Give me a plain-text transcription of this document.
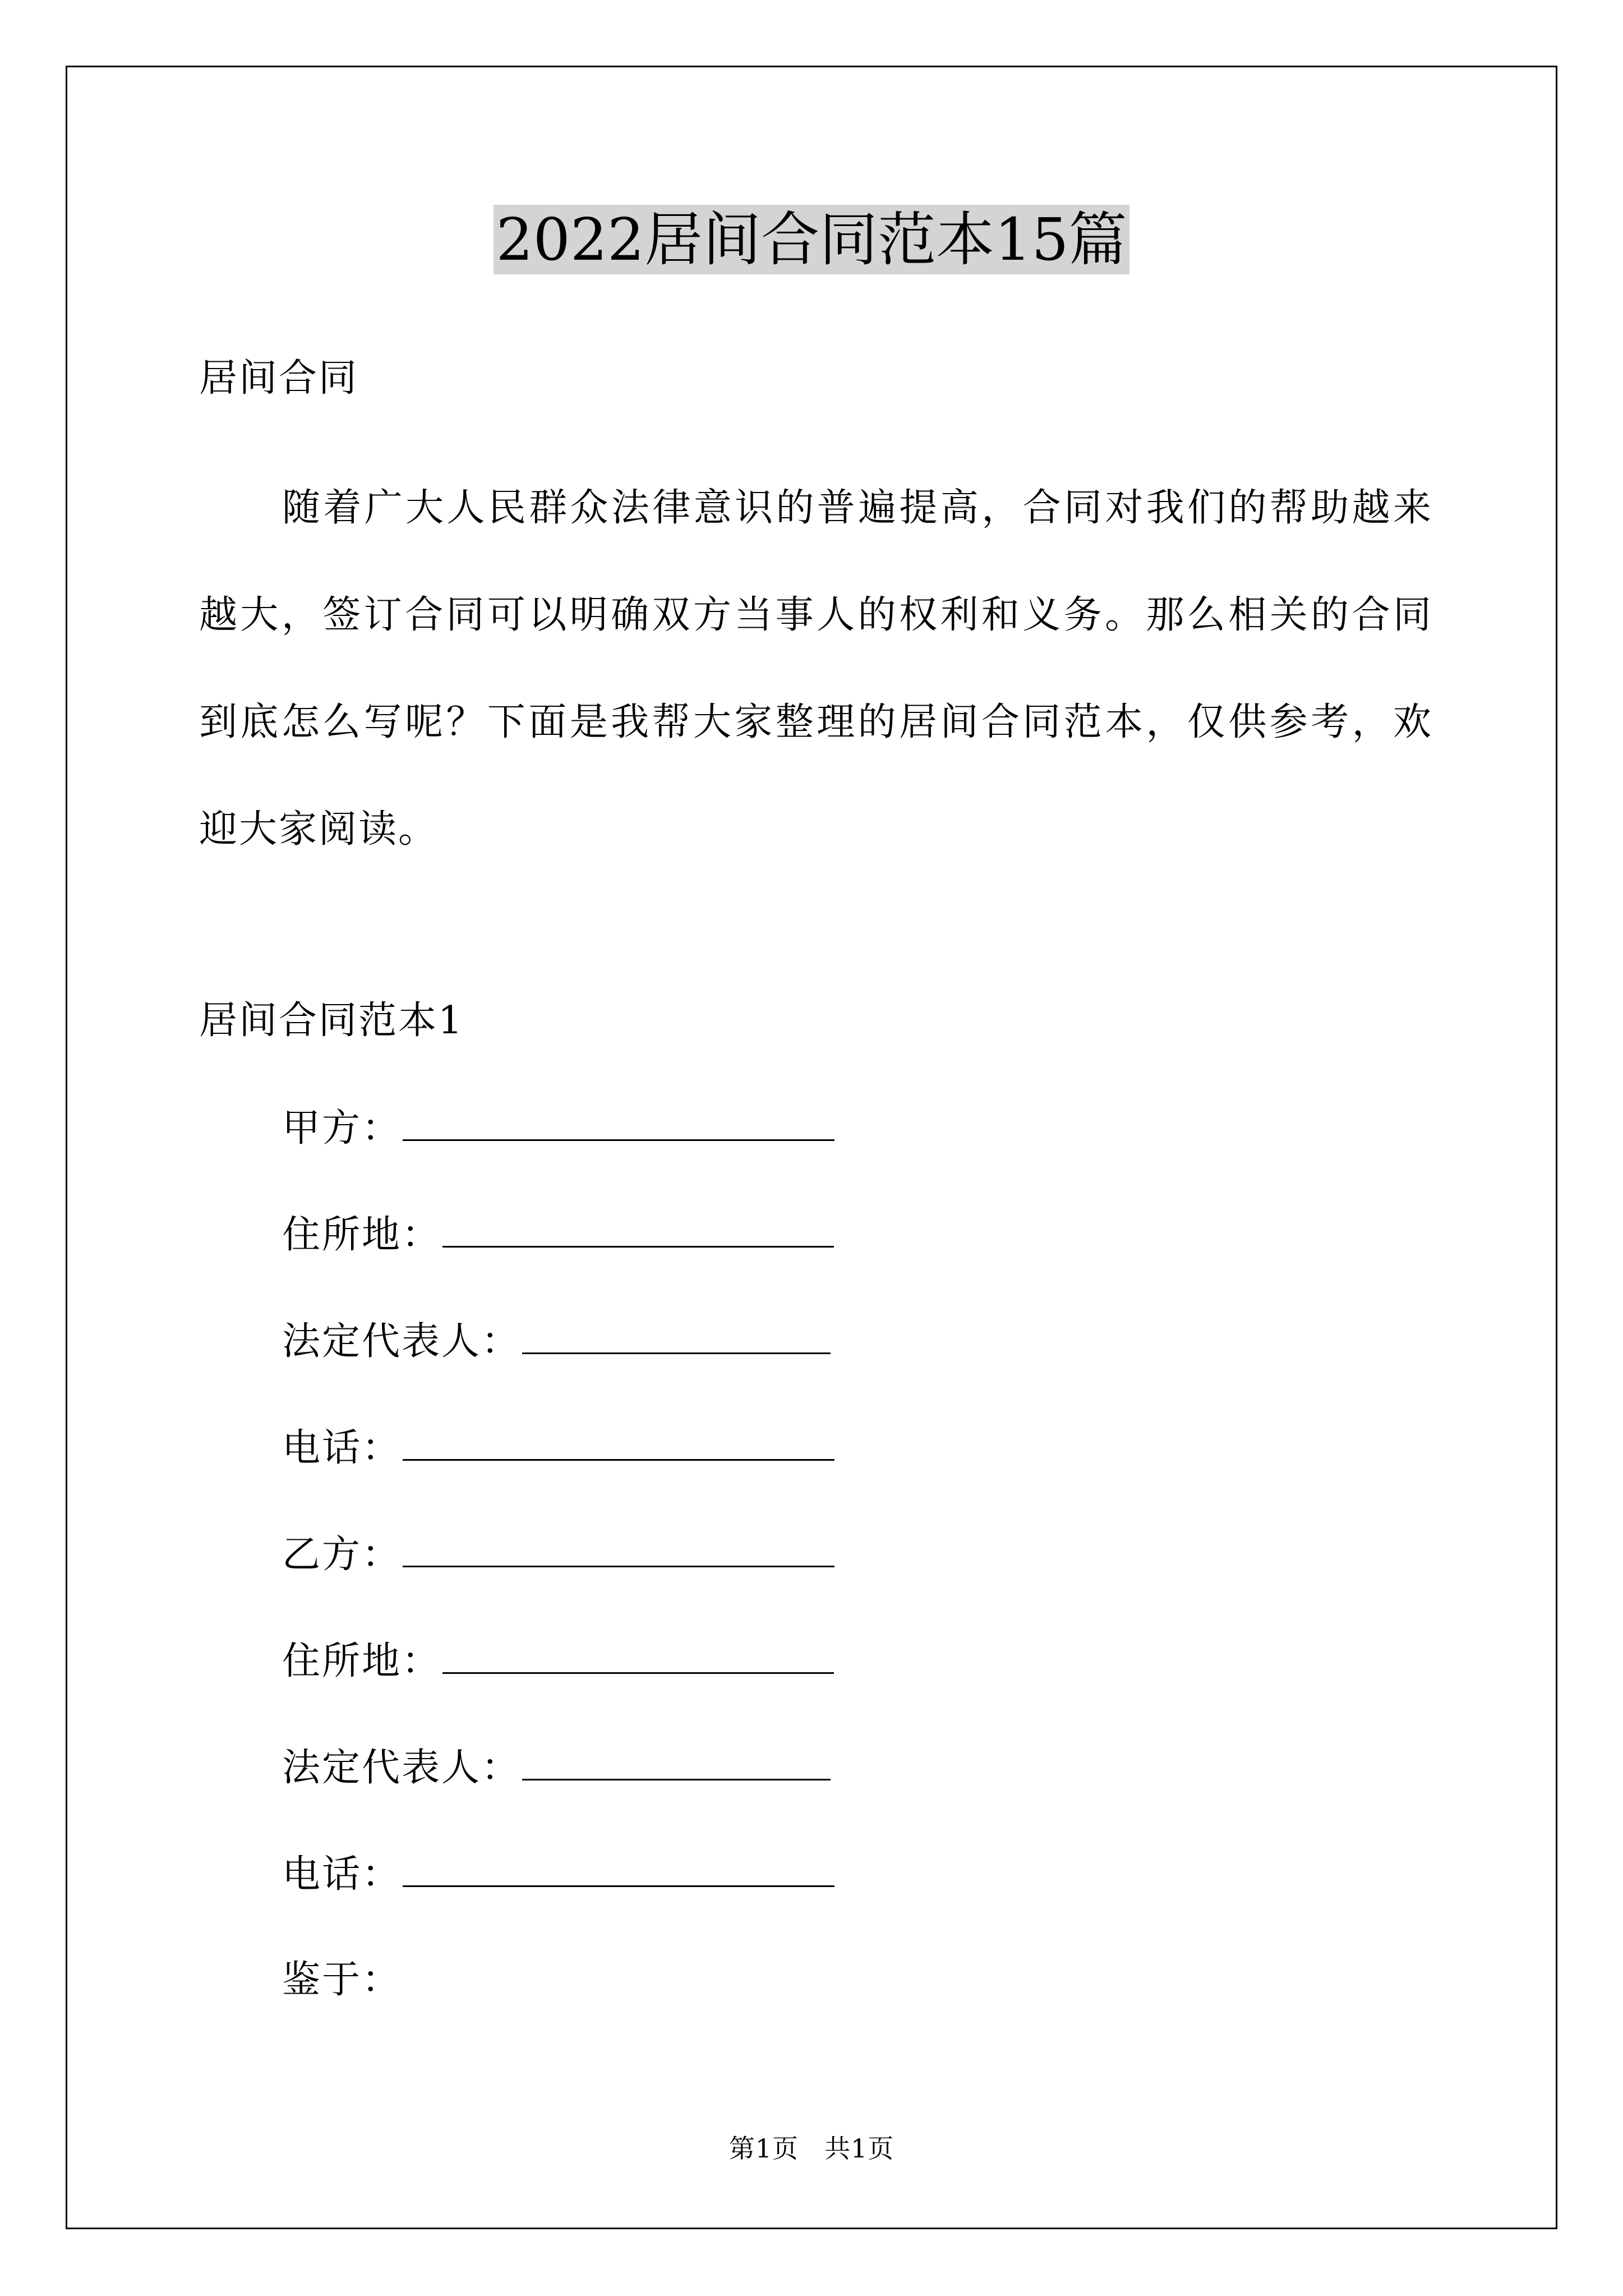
2022居间合同范本15篇
居间合同
随着广大人民群众法律意识的普遍提高，合同对我们的帮助越来越大，签订合同可以明确双方当事人的权利和义务。那么相关的合同到底怎么写呢？下面是我帮大家整理的居间合同范本，仅供参考，欢迎大家阅读。
居间合同范本1
甲方：
住所地：
法定代表人：
电话：
乙方：
住所地：
法定代表人：
电话：
鉴于：
第1页 共1页
